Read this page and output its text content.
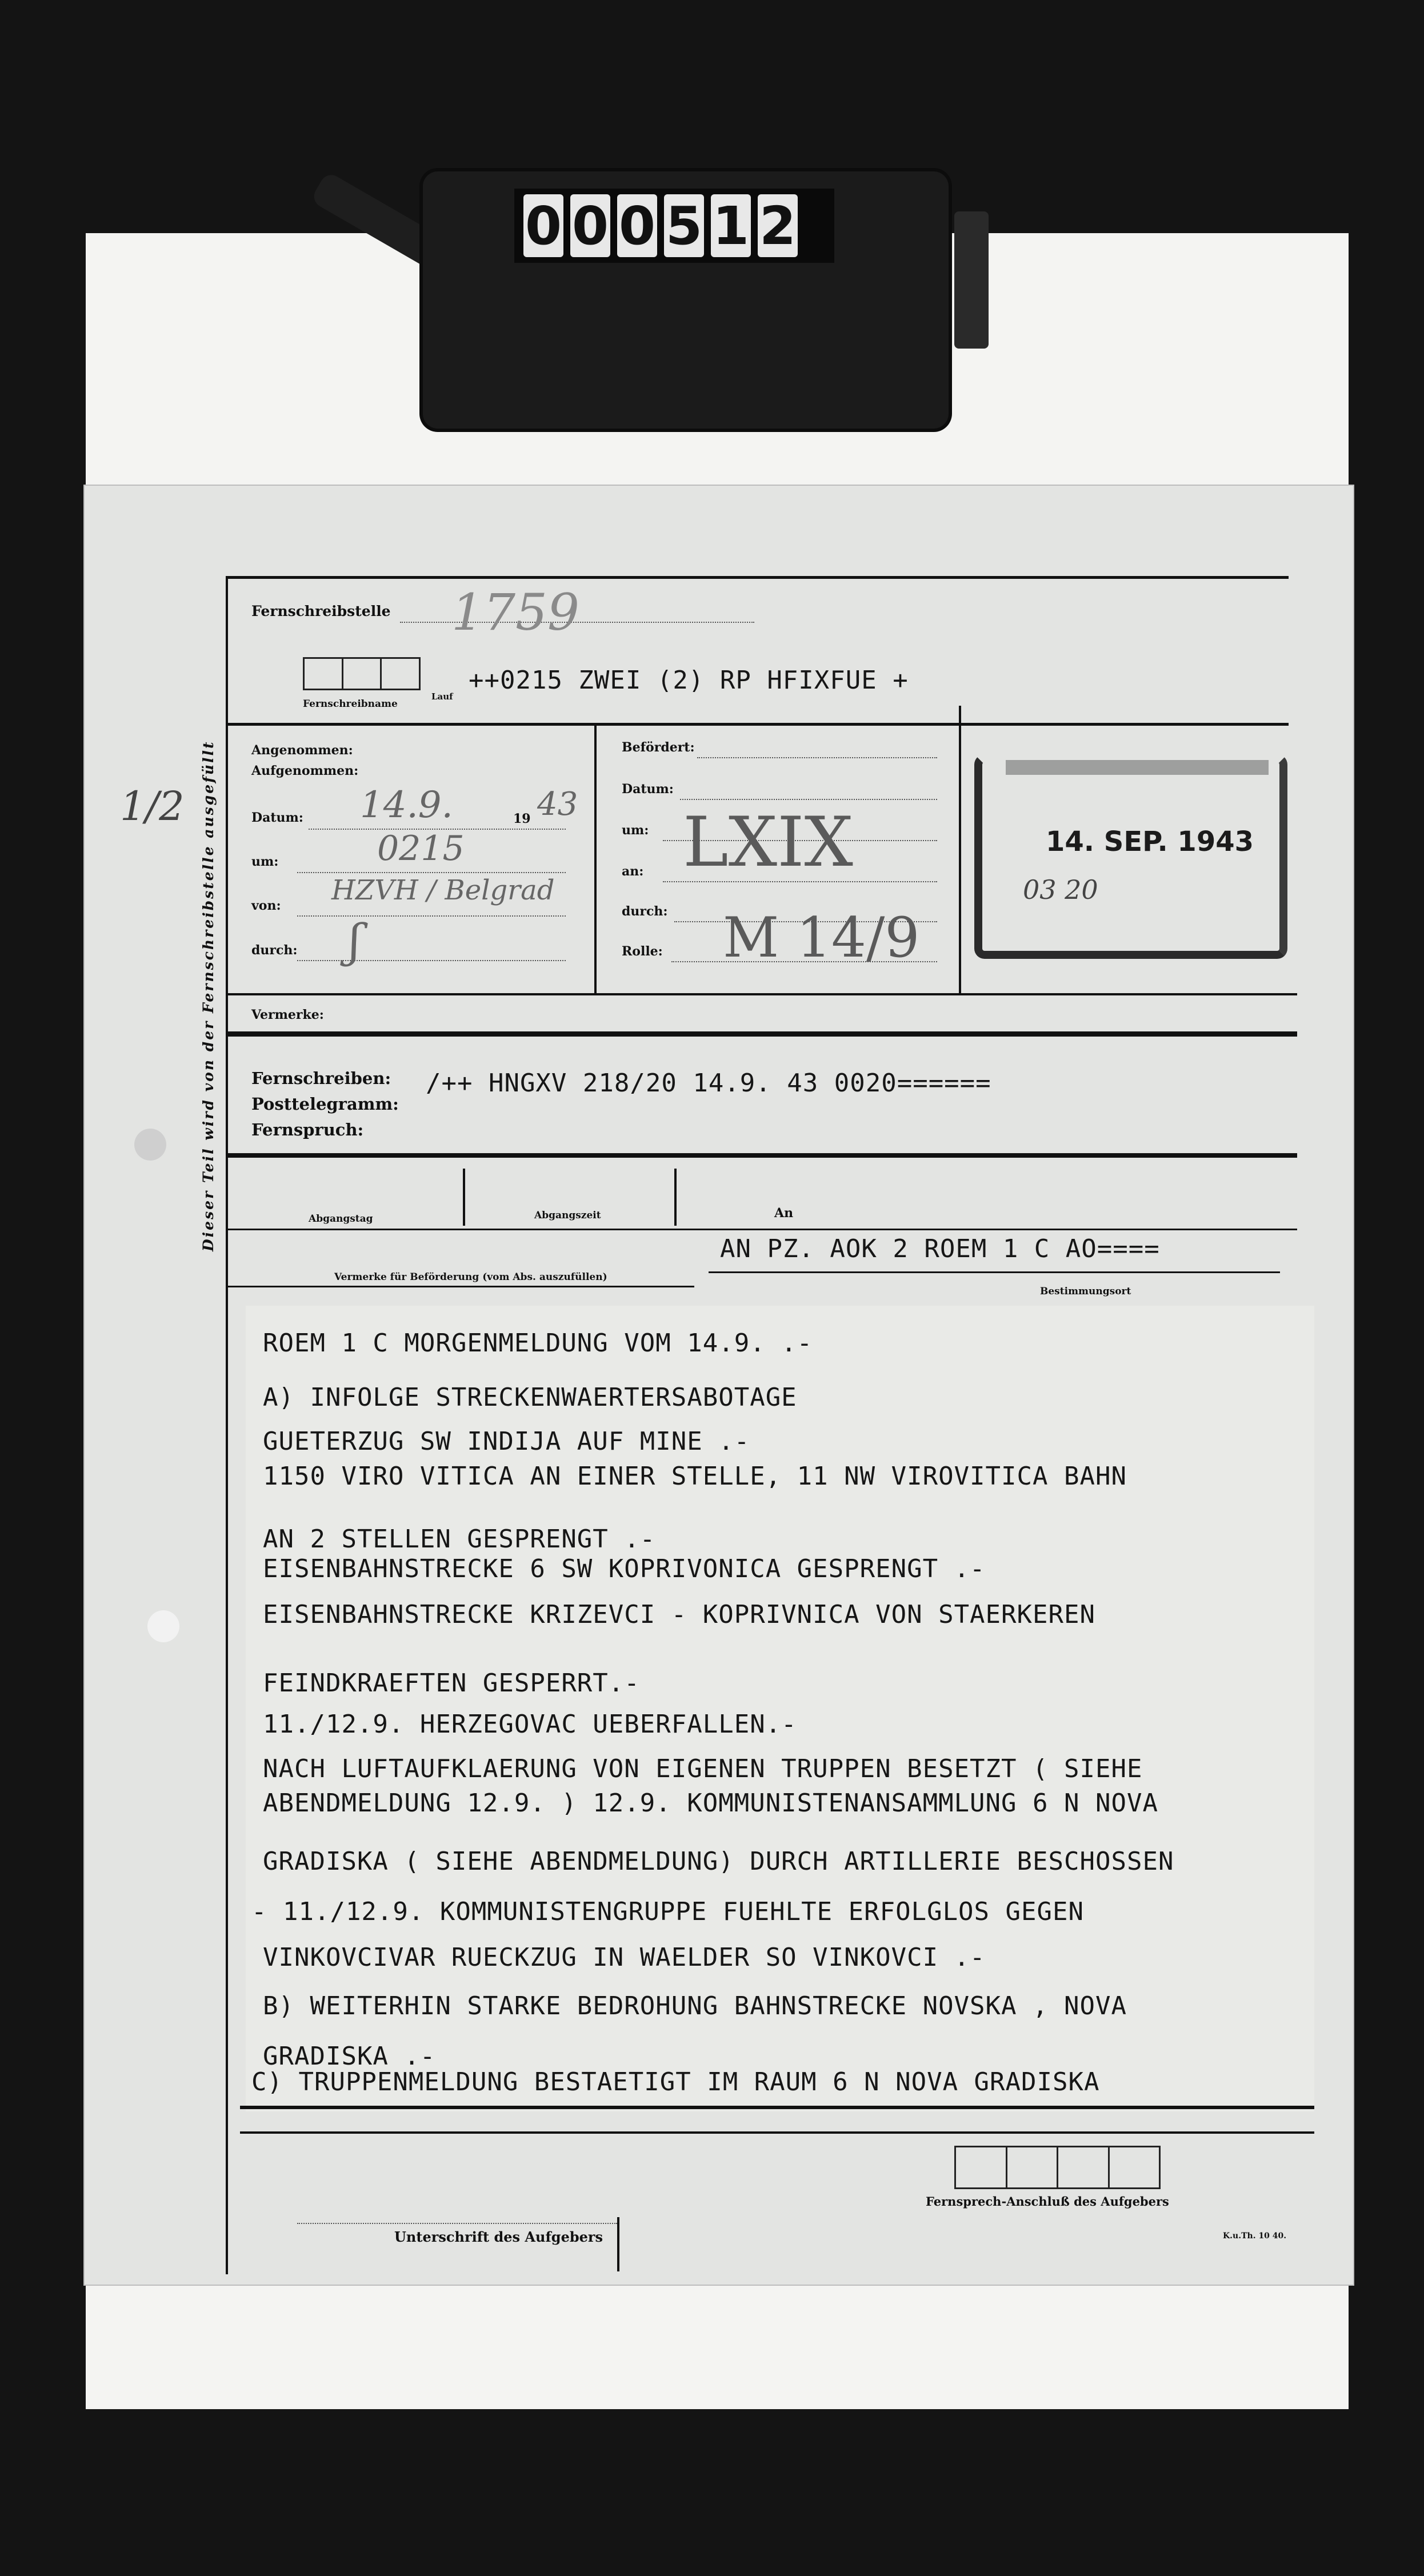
0 0 0 5 1 2
1/2 Dieser Teil wird von der Fernschreibstelle ausgefüllt
Fernschreibstelle 1759
Fernschreibname
Lauf
++0215 ZWEI (2) RP HFIXFUE +
Angenommen:
Aufgenommen:
Datum: 14.9.	19 43
um:	0215
von: HZVH / Belgrad
durch: ʃ
Befördert:
Datum:
um:
an: LXIX
durch:
Rolle: M 14/9
14. SEP. 1943
03 20
Vermerke:
Fernschreiben:
Posttelegramm:
Fernspruch:
/++ HNGXV 218/20 14.9. 43 0020======
Abgangstag	Abgangszeit	An
Vermerke für Beförderung (vom Abs. auszufüllen)
AN PZ. AOK 2 ROEM 1 C AO====
Bestimmungsort
ROEM 1 C MORGENMELDUNG VOM 14.9. .-
A) INFOLGE STRECKENWAERTERSABOTAGE
GUETERZUG SW INDIJA AUF MINE .-
1150 VIRO VITICA AN EINER STELLE, 11 NW VIROVITICA BAHN
AN 2 STELLEN GESPRENGT .-
EISENBAHNSTRECKE 6 SW KOPRIVONICA GESPRENGT .-
EISENBAHNSTRECKE KRIZEVCI - KOPRIVNICA VON STAERKEREN
FEINDKRAEFTEN GESPERRT.-
11./12.9. HERZEGOVAC UEBERFALLEN.-
NACH LUFTAUFKLAERUNG VON EIGENEN TRUPPEN BESETZT ( SIEHE
ABENDMELDUNG 12.9. ) 12.9. KOMMUNISTENANSAMMLUNG 6 N NOVA
GRADISKA ( SIEHE ABENDMELDUNG) DURCH ARTILLERIE BESCHOSSEN
- 11./12.9. KOMMUNISTENGRUPPE FUEHLTE ERFOLGLOS GEGEN
VINKOVCIVAR RUECKZUG IN WAELDER SO VINKOVCI .-
B) WEITERHIN STARKE BEDROHUNG BAHNSTRECKE NOVSKA , NOVA
GRADISKA .-
C) TRUPPENMELDUNG BESTAETIGT IM RAUM 6 N NOVA GRADISKA
Fernsprech-Anschluß des Aufgebers
Unterschrift des Aufgebers	K.u.Th. 10 40.
